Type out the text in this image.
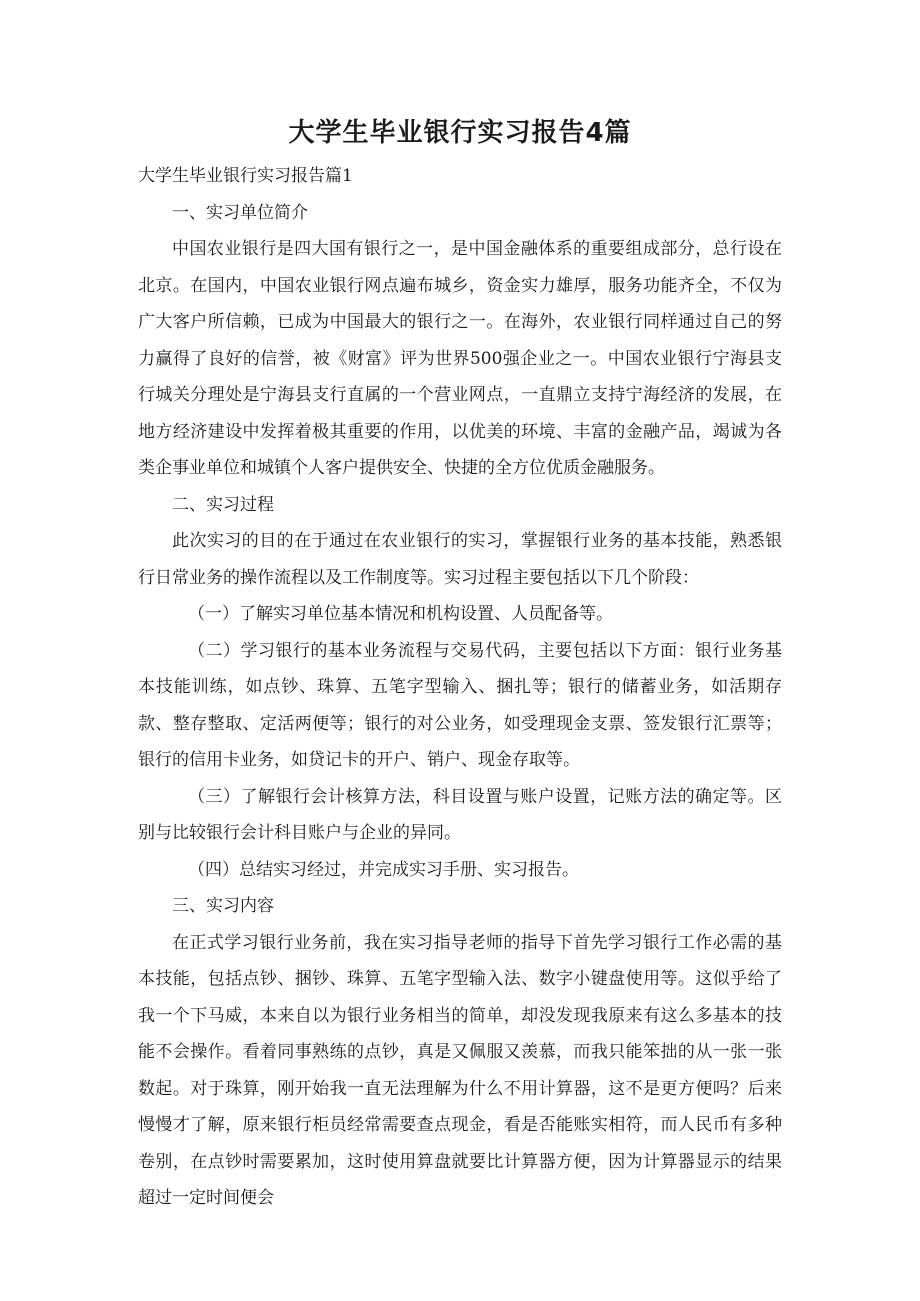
大学生毕业银行实习报告4篇

大学生毕业银行实习报告篇1

一、实习单位简介

中国农业银行是四大国有银行之一，是中国金融体系的重要组成部分，总行设在北京。在国内，中国农业银行网点遍布城乡，资金实力雄厚，服务功能齐全，不仅为广大客户所信赖，已成为中国最大的银行之一。在海外，农业银行同样通过自己的努力赢得了良好的信誉，被《财富》评为世界500强企业之一。中国农业银行宁海县支行城关分理处是宁海县支行直属的一个营业网点，一直鼎立支持宁海经济的发展，在地方经济建设中发挥着极其重要的作用，以优美的环境、丰富的金融产品，竭诚为各类企事业单位和城镇个人客户提供安全、快捷的全方位优质金融服务。

二、实习过程

此次实习的目的在于通过在农业银行的实习，掌握银行业务的基本技能，熟悉银行日常业务的操作流程以及工作制度等。实习过程主要包括以下几个阶段：

（一）了解实习单位基本情况和机构设置、人员配备等。

（二）学习银行的基本业务流程与交易代码，主要包括以下方面：银行业务基本技能训练，如点钞、珠算、五笔字型输入、捆扎等；银行的储蓄业务，如活期存款、整存整取、定活两便等；银行的对公业务，如受理现金支票、签发银行汇票等；银行的信用卡业务，如贷记卡的开户、销户、现金存取等。

（三）了解银行会计核算方法，科目设置与账户设置，记账方法的确定等。区别与比较银行会计科目账户与企业的异同。

（四）总结实习经过，并完成实习手册、实习报告。

三、实习内容

在正式学习银行业务前，我在实习指导老师的指导下首先学习银行工作必需的基本技能，包括点钞、捆钞、珠算、五笔字型输入法、数字小键盘使用等。这似乎给了我一个下马威，本来自以为银行业务相当的简单，却没发现我原来有这么多基本的技能不会操作。看着同事熟练的点钞，真是又佩服又羡慕，而我只能笨拙的从一张一张数起。对于珠算，刚开始我一直无法理解为什么不用计算器，这不是更方便吗？后来慢慢才了解，原来银行柜员经常需要查点现金，看是否能账实相符，而人民币有多种卷别，在点钞时需要累加，这时使用算盘就要比计算器方便，因为计算器显示的结果超过一定时间便会
